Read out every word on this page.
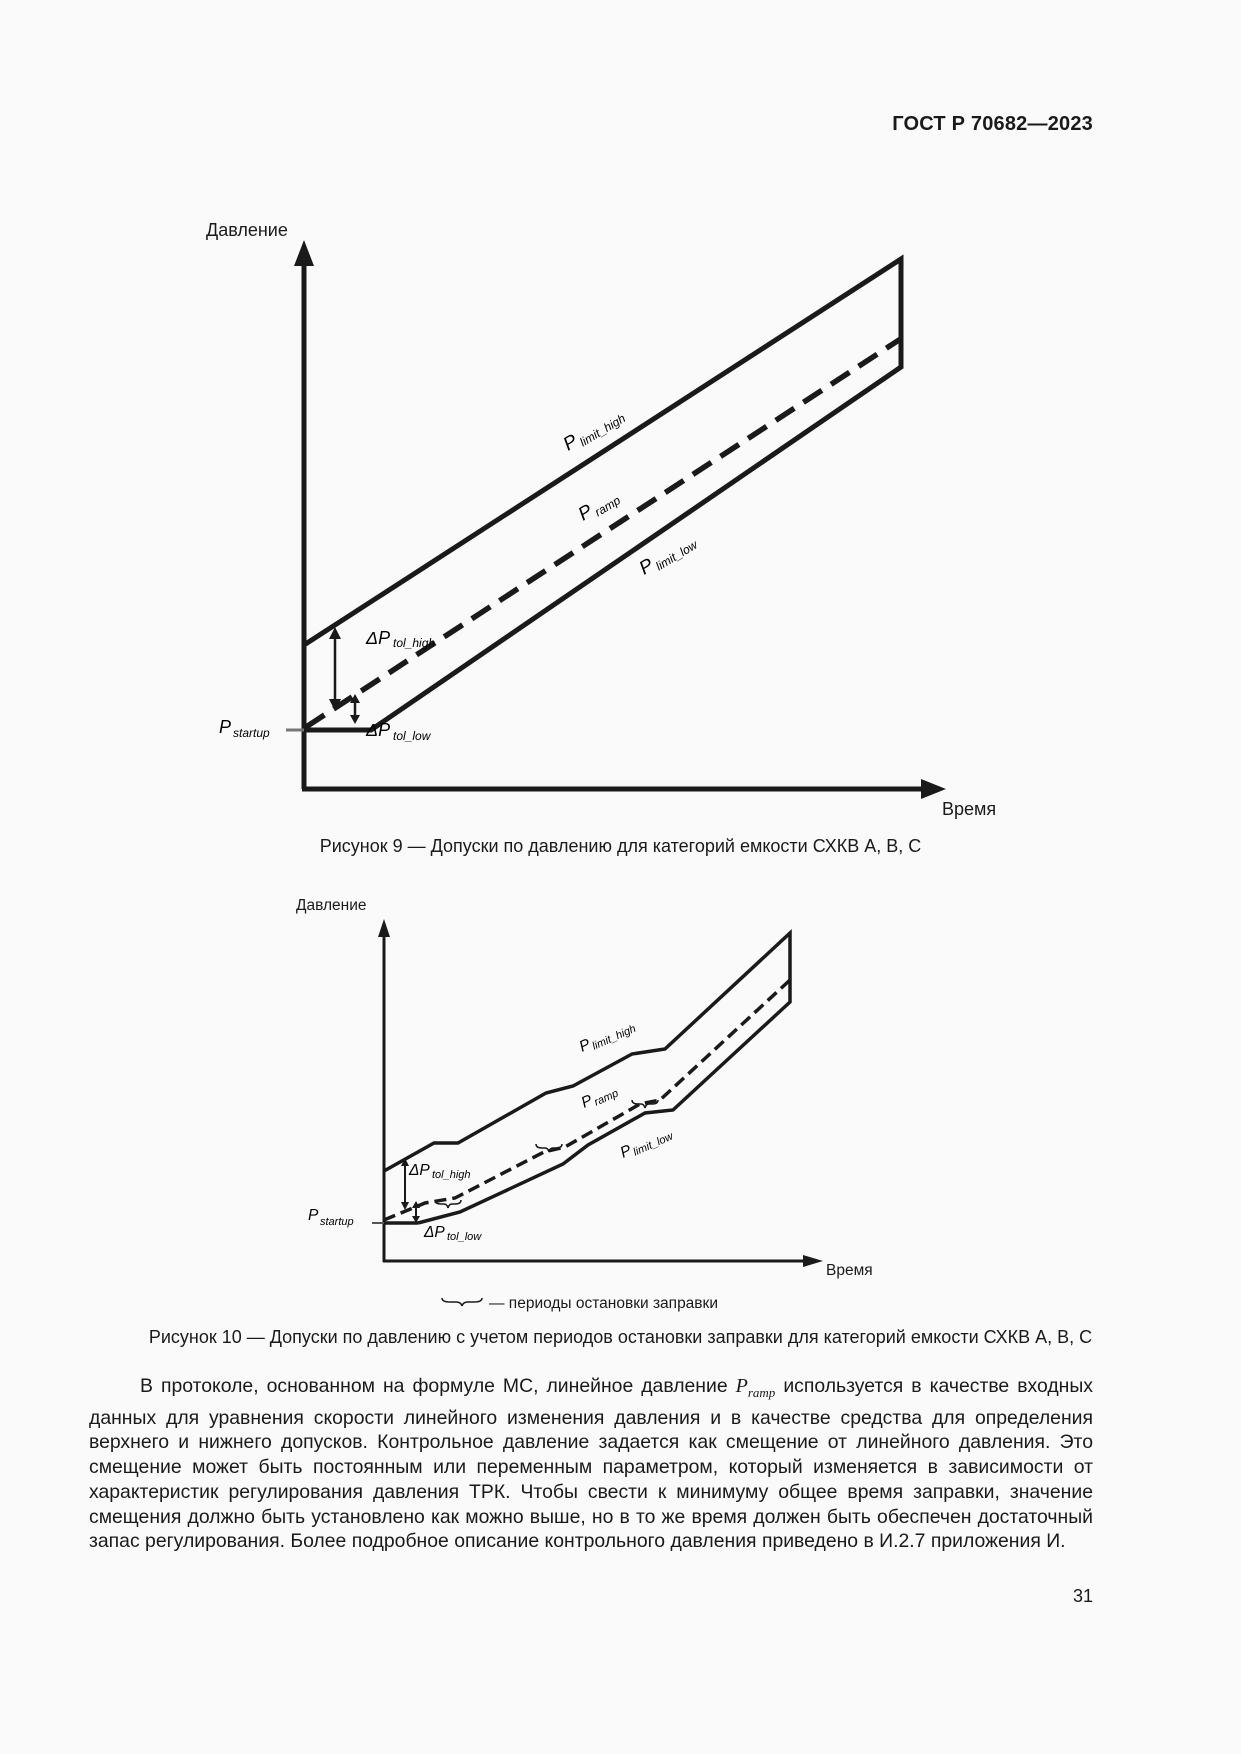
ГОСТ Р 70682—2023
Давление
Время
P
limit_high
P
ramp
P
limit_low
ΔP tol_high
ΔP tol_low
P startup
Давление
Время
P
limit_high
P
ramp
P
limit_low
ΔP tol_high
ΔP tol_low
P startup
— периоды остановки заправки
Рисунок 9 — Допуски по давлению для категорий емкости СХКВ А, В, С
Рисунок 10 — Допуски по давлению с учетом периодов остановки заправки для категорий емкости СХКВ А, В, С
В протоколе, основанном на формуле МС, линейное давление $P_{ramp}$ используется в качестве входных данных для уравнения скорости линейного изменения давления и в качестве средства для определения верхнего и нижнего допусков. Контрольное давление задается как смещение от линейного давления. Это смещение может быть постоянным или переменным параметром, который изменяется в зависимости от характеристик регулирования давления ТРК. Чтобы свести к минимуму общее время заправки, значение смещения должно быть установлено как можно выше, но в то же время должен быть обеспечен достаточный запас регулирования. Более подробное описание контрольного давления приведено в И.2.7 приложения И.
31
